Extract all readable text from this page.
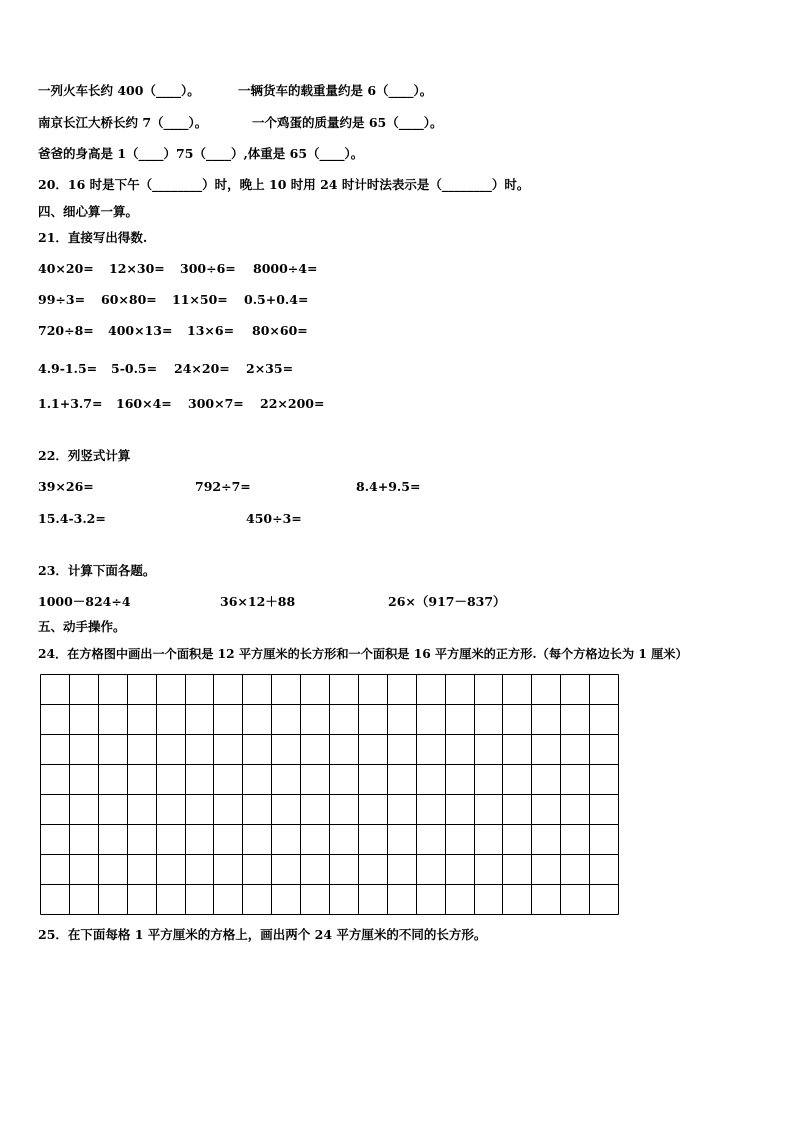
一列火车长约 400（____）。	一辆货车的载重量约是 6（____）。
南京长江大桥长约 7（____）。	一个鸡蛋的质量约是 65（____）。
爸爸的身高是 1（____）75（____）,体重是 65（____）。
20．16 时是下午（________）时，晚上 10 时用 24 时计时法表示是（________）时。
四、细心算一算。
21．直接写出得数.
40×20= 12×30= 300÷6= 8000÷4=
99÷3= 60×80= 11×50= 0.5+0.4=
720÷8= 400×13= 13×6= 80×60=
4.9-1.5= 5-0.5= 24×20= 2×35=
1.1+3.7= 160×4= 300×7= 22×200=
22．列竖式计算
39×26=	792÷7=	8.4+9.5=
15.4-3.2=	450÷3=
23．计算下面各题。
1000－824÷4	36×12＋88	26×（917－837）
五、动手操作。
24．在方格图中画出一个面积是 12 平方厘米的长方形和一个面积是 16 平方厘米的正方形.（每个方格边长为 1 厘米）
25．在下面每格 1 平方厘米的方格上，画出两个 24 平方厘米的不同的长方形。
